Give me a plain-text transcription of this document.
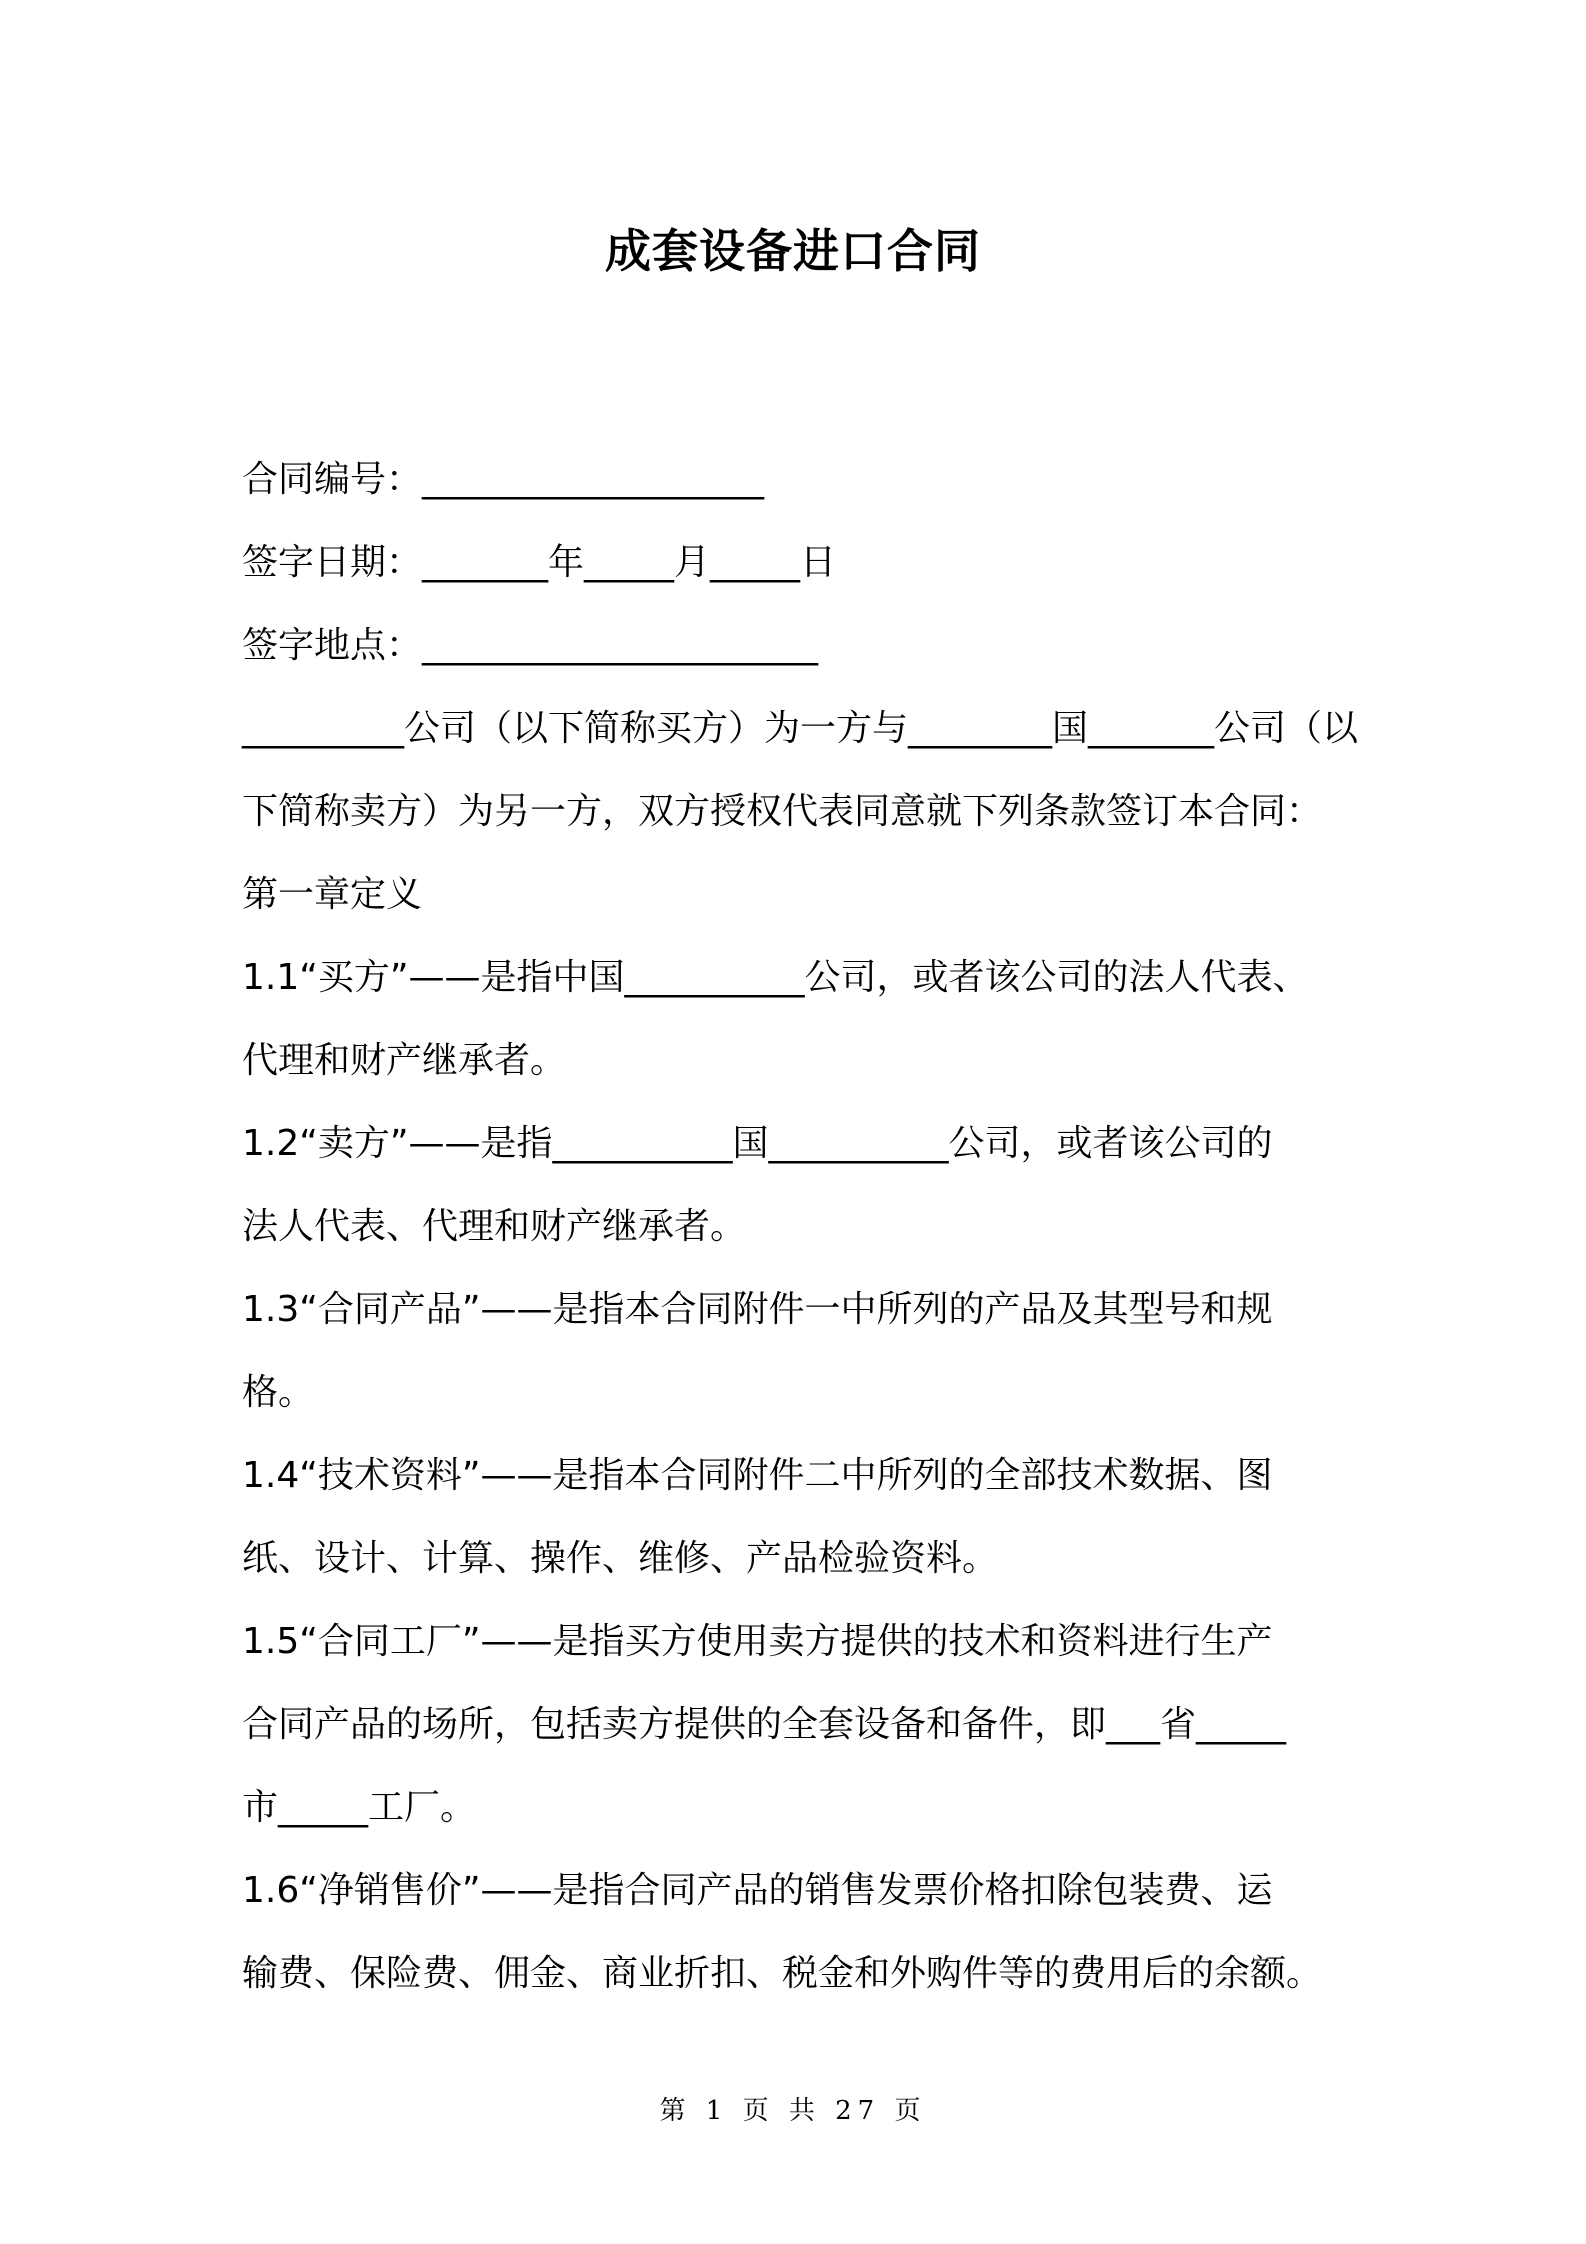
成套设备进口合同
合同编号：___________________
签字日期：_______年_____月_____日
签字地点：______________________
_________公司（以下简称买方）为一方与________国_______公司（以
下简称卖方）为另一方，双方授权代表同意就下列条款签订本合同：
第一章定义
1.1“买方”——是指中国__________公司，或者该公司的法人代表、
代理和财产继承者。
1.2“卖方”——是指__________国__________公司，或者该公司的
法人代表、代理和财产继承者。
1.3“合同产品”——是指本合同附件一中所列的产品及其型号和规
格。
1.4“技术资料”——是指本合同附件二中所列的全部技术数据、图
纸、设计、计算、操作、维修、产品检验资料。
1.5“合同工厂”——是指买方使用卖方提供的技术和资料进行生产
合同产品的场所，包括卖方提供的全套设备和备件，即___省_____
市_____工厂。
1.6“净销售价”——是指合同产品的销售发票价格扣除包装费、运
输费、保险费、佣金、商业折扣、税金和外购件等的费用后的余额。
第 1 页 共 27 页
